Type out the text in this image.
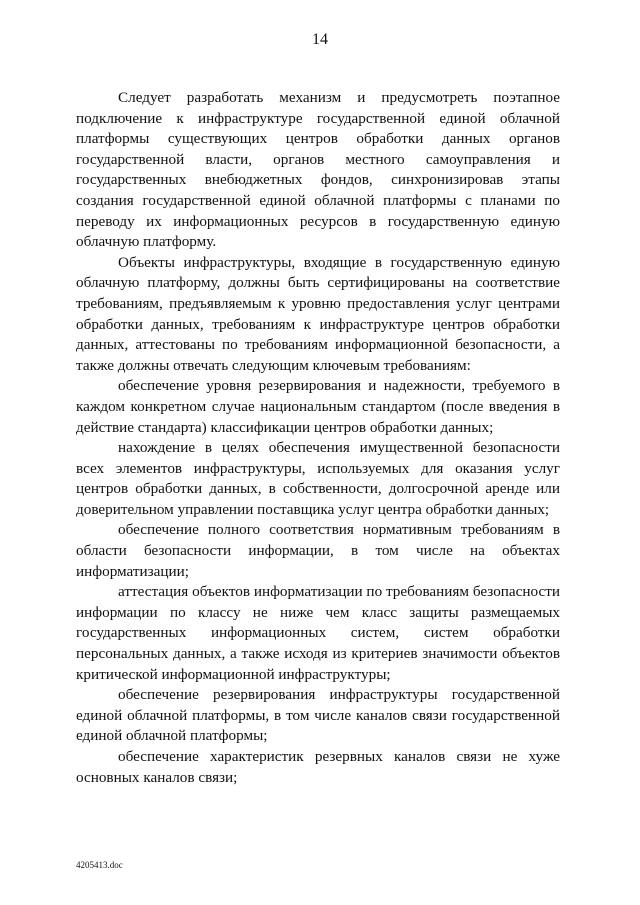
14

Следует разработать механизм и предусмотреть поэтапное подключение к инфраструктуре государственной единой облачной платформы существующих центров обработки данных органов государственной власти, органов местного самоуправления и государственных внебюджетных фондов, синхронизировав этапы создания государственной единой облачной платформы с планами по переводу их информационных ресурсов в государственную единую облачную платформу.

Объекты инфраструктуры, входящие в государственную единую облачную платформу, должны быть сертифицированы на соответствие требованиям, предъявляемым к уровню предоставления услуг центрами обработки данных, требованиям к инфраструктуре центров обработки данных, аттестованы по требованиям информационной безопасности, а также должны отвечать следующим ключевым требованиям:

обеспечение уровня резервирования и надежности, требуемого в каждом конкретном случае национальным стандартом (после введения в действие стандарта) классификации центров обработки данных;

нахождение в целях обеспечения имущественной безопасности всех элементов инфраструктуры, используемых для оказания услуг центров обработки данных, в собственности, долгосрочной аренде или доверительном управлении поставщика услуг центра обработки данных;

обеспечение полного соответствия нормативным требованиям в области безопасности информации, в том числе на объектах информатизации;

аттестация объектов информатизации по требованиям безопасности информации по классу не ниже чем класс защиты размещаемых государственных информационных систем, систем обработки персональных данных, а также исходя из критериев значимости объектов критической информационной инфраструктуры;

обеспечение резервирования инфраструктуры государственной единой облачной платформы, в том числе каналов связи государственной единой облачной платформы;

обеспечение характеристик резервных каналов связи не хуже основных каналов связи;

4205413.doc
